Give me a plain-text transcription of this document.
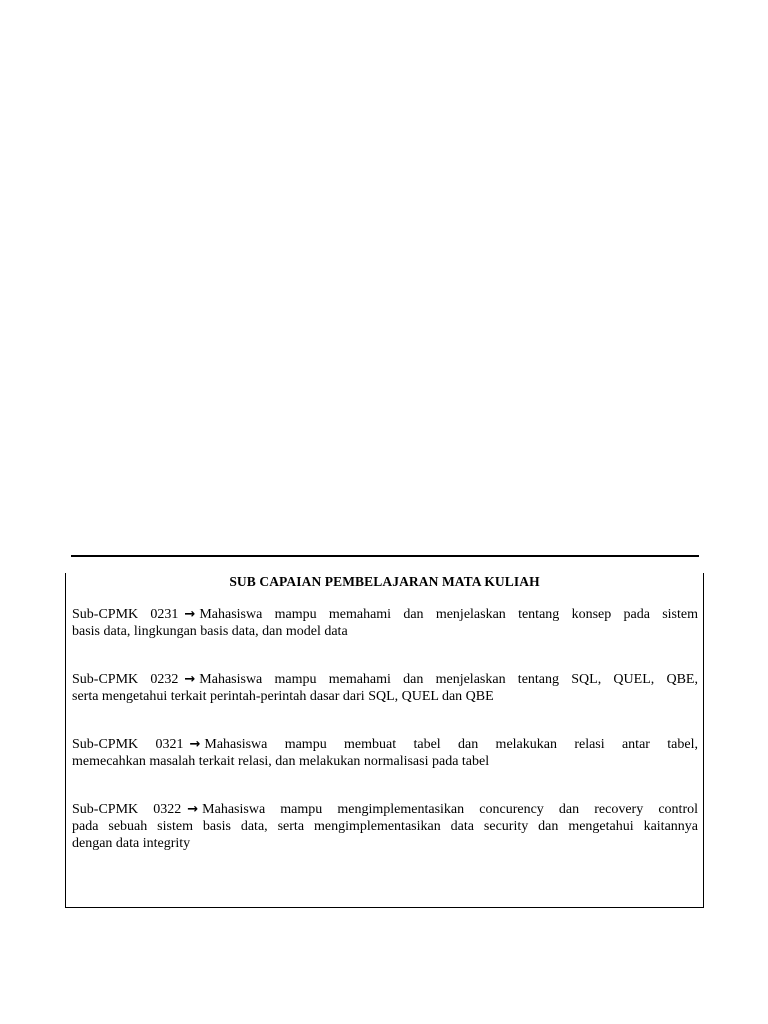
SUB CAPAIAN PEMBELAJARAN MATA KULIAH
Sub-CPMK 0231 → Mahasiswa mampu memahami dan menjelaskan tentang konsep pada sistem
basis data, lingkungan basis data, dan model data
Sub-CPMK 0232 → Mahasiswa mampu memahami dan menjelaskan tentang SQL, QUEL, QBE,
serta mengetahui terkait perintah-perintah dasar dari SQL, QUEL dan QBE
Sub-CPMK 0321 → Mahasiswa mampu membuat tabel dan melakukan relasi antar tabel,
memecahkan masalah terkait relasi, dan melakukan normalisasi pada tabel
Sub-CPMK 0322 → Mahasiswa mampu mengimplementasikan concurency dan recovery control
pada sebuah sistem basis data, serta mengimplementasikan data security dan mengetahui kaitannya
dengan data integrity
